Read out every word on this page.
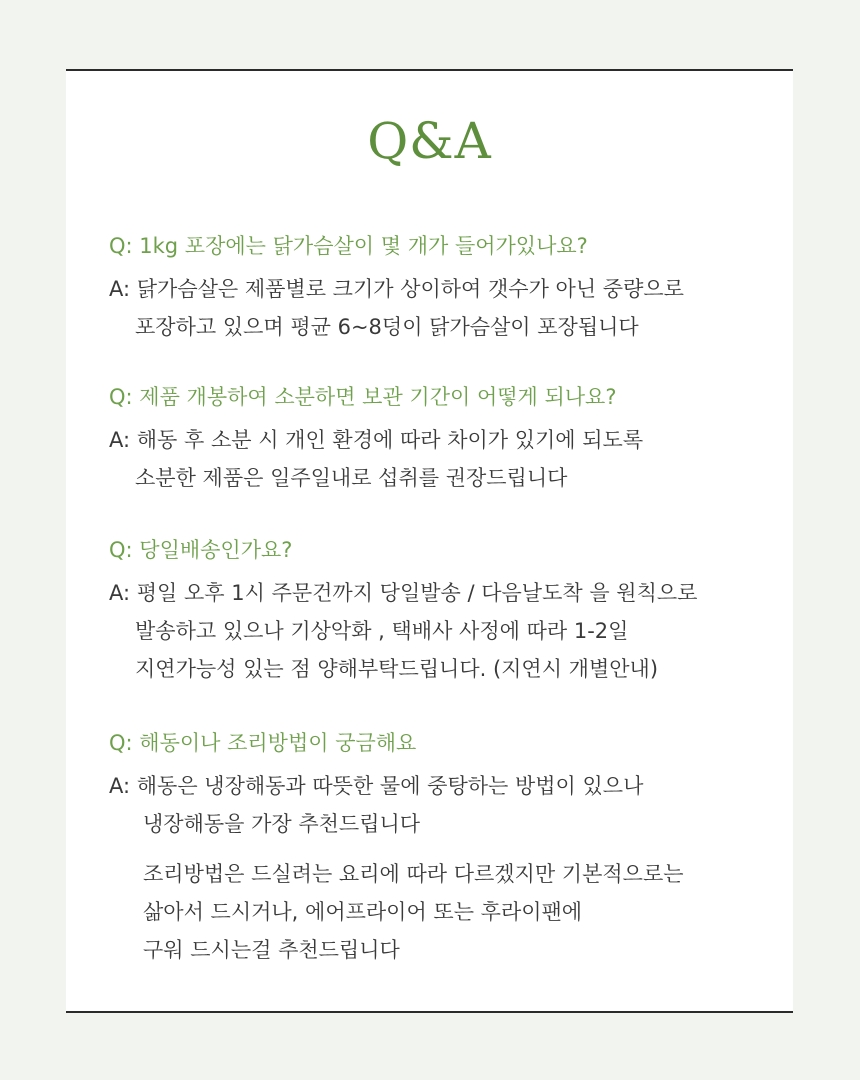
Q&A
Q: 1kg 포장에는 닭가슴살이 몇 개가 들어가있나요?
A: 닭가슴살은 제품별로 크기가 상이하여 갯수가 아닌 중량으로
포장하고 있으며 평균 6~8덩이 닭가슴살이 포장됩니다
Q: 제품 개봉하여 소분하면 보관 기간이 어떻게 되나요?
A: 해동 후 소분 시 개인 환경에 따라 차이가 있기에 되도록
소분한 제품은 일주일내로 섭취를 권장드립니다
Q: 당일배송인가요?
A: 평일 오후 1시 주문건까지 당일발송 / 다음날도착 을 원칙으로
발송하고 있으나 기상악화 , 택배사 사정에 따라 1-2일
지연가능성 있는 점 양해부탁드립니다. (지연시 개별안내)
Q: 해동이나 조리방법이 궁금해요
A: 해동은 냉장해동과 따뜻한 물에 중탕하는 방법이 있으나
냉장해동을 가장 추천드립니다
조리방법은 드실려는 요리에 따라 다르겠지만 기본적으로는
삶아서 드시거나, 에어프라이어 또는 후라이팬에
구워 드시는걸 추천드립니다
